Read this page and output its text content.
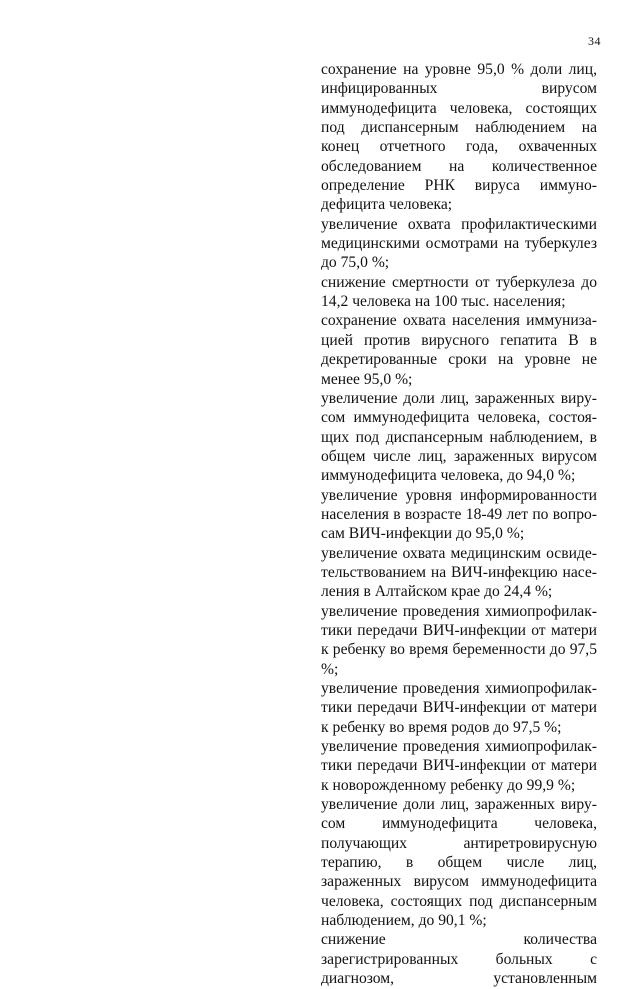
34

сохранение на уровне 95,0 % доли лиц, инфицированных вирусом иммунодефицита человека, состоящих под диспансерным наблюдением на конец отчетного года, охваченных обследованием на количественное определение РНК вируса иммунодефицита человека;

увеличение охвата профилактическими медицинскими осмотрами на туберкулез до 75,0 %;

снижение смертности от туберкулеза до 14,2 человека на 100 тыс. населения;

сохранение охвата населения иммунизацией против вирусного гепатита В в декретированные сроки на уровне не менее 95,0 %;

увеличение доли лиц, зараженных вирусом иммунодефицита человека, состоящих под диспансерным наблюдением, в общем числе лиц, зараженных вирусом иммунодефицита человека, до 94,0 %;

увеличение уровня информированности населения в возрасте 18-49 лет по вопросам ВИЧ-инфекции до 95,0 %;

увеличение охвата медицинским освидетельствованием на ВИЧ-инфекцию населения в Алтайском крае до 24,4 %;

увеличение проведения химиопрофилактики передачи ВИЧ-инфекции от матери к ребенку во время беременности до 97,5 %;

увеличение проведения химиопрофилактики передачи ВИЧ-инфекции от матери к ребенку во время родов до 97,5 %;

увеличение проведения химиопрофилактики передачи ВИЧ-инфекции от матери к новорожденному ребенку до 99,9 %;

увеличение доли лиц, зараженных вирусом иммунодефицита человека, получающих антиретровирусную терапию, в общем числе лиц, зараженных вирусом иммунодефицита человека, состоящих под диспансерным наблюдением, до 90,1 %;

снижение количества зарегистрированных больных с диагнозом, установленным
